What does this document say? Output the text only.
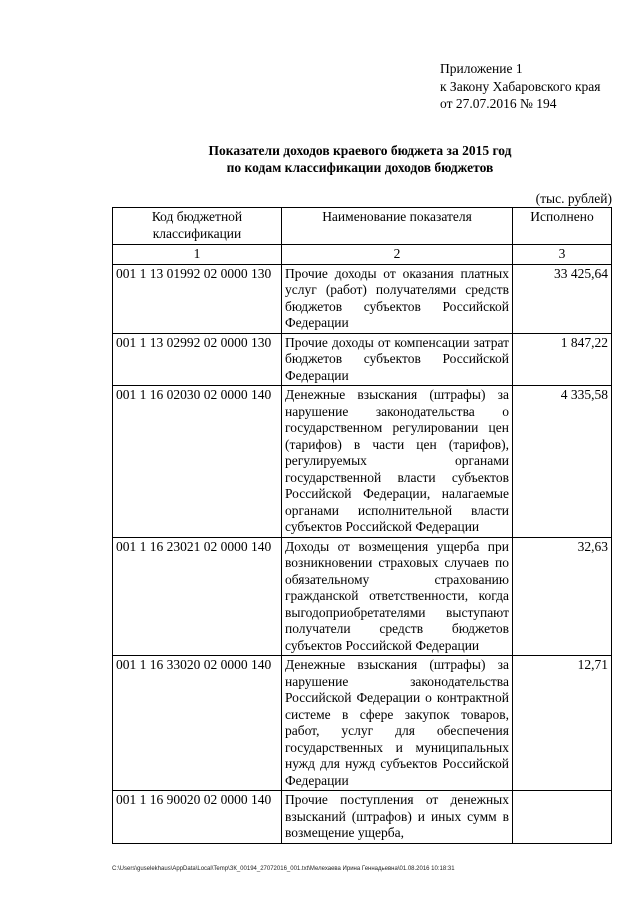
Приложение 1
к Закону Хабаровского края
от 27.07.2016 № 194
Показатели доходов краевого бюджета за 2015 год
по кодам классификации доходов бюджетов
(тыс. рублей)
Код бюджетной классификации	Наименование показателя	Исполнено
1	2	3
001 1 13 01992 02 0000 130	Прочие доходы от оказания платных услуг (работ) получателями средств бюджетов субъектов Российской Федерации	33 425,64
001 1 13 02992 02 0000 130	Прочие доходы от компенсации затрат бюджетов субъектов Российской Федерации	1 847,22
001 1 16 02030 02 0000 140	Денежные взыскания (штрафы) за нарушение законодательства о государственном регулировании цен (тарифов) в части цен (тарифов), регулируемых органами государственной власти субъектов Российской Федерации, налагаемые органами исполнительной власти субъектов Российской Федерации	4 335,58
001 1 16 23021 02 0000 140	Доходы от возмещения ущерба при возникновении страховых случаев по обязательному страхованию гражданской ответственности, когда выгодоприобретателями выступают получатели средств бюджетов субъектов Российской Федерации	32,63
001 1 16 33020 02 0000 140	Денежные взыскания (штрафы) за нарушение законодательства Российской Федерации о контрактной системе в сфере закупок товаров, работ, услуг для обеспечения государственных и муниципальных нужд для нужд субъектов Российской Федерации	12,71
001 1 16 90020 02 0000 140	Прочие поступления от денежных взысканий (штрафов) и иных сумм в возмещение ущерба,	
C:\Users\guselekhaus\AppData\Local\Temp\ЗК_00194_27072016_001.txt\Мелехаева Ирина Геннадьевна\01.08.2016 10:18:31
